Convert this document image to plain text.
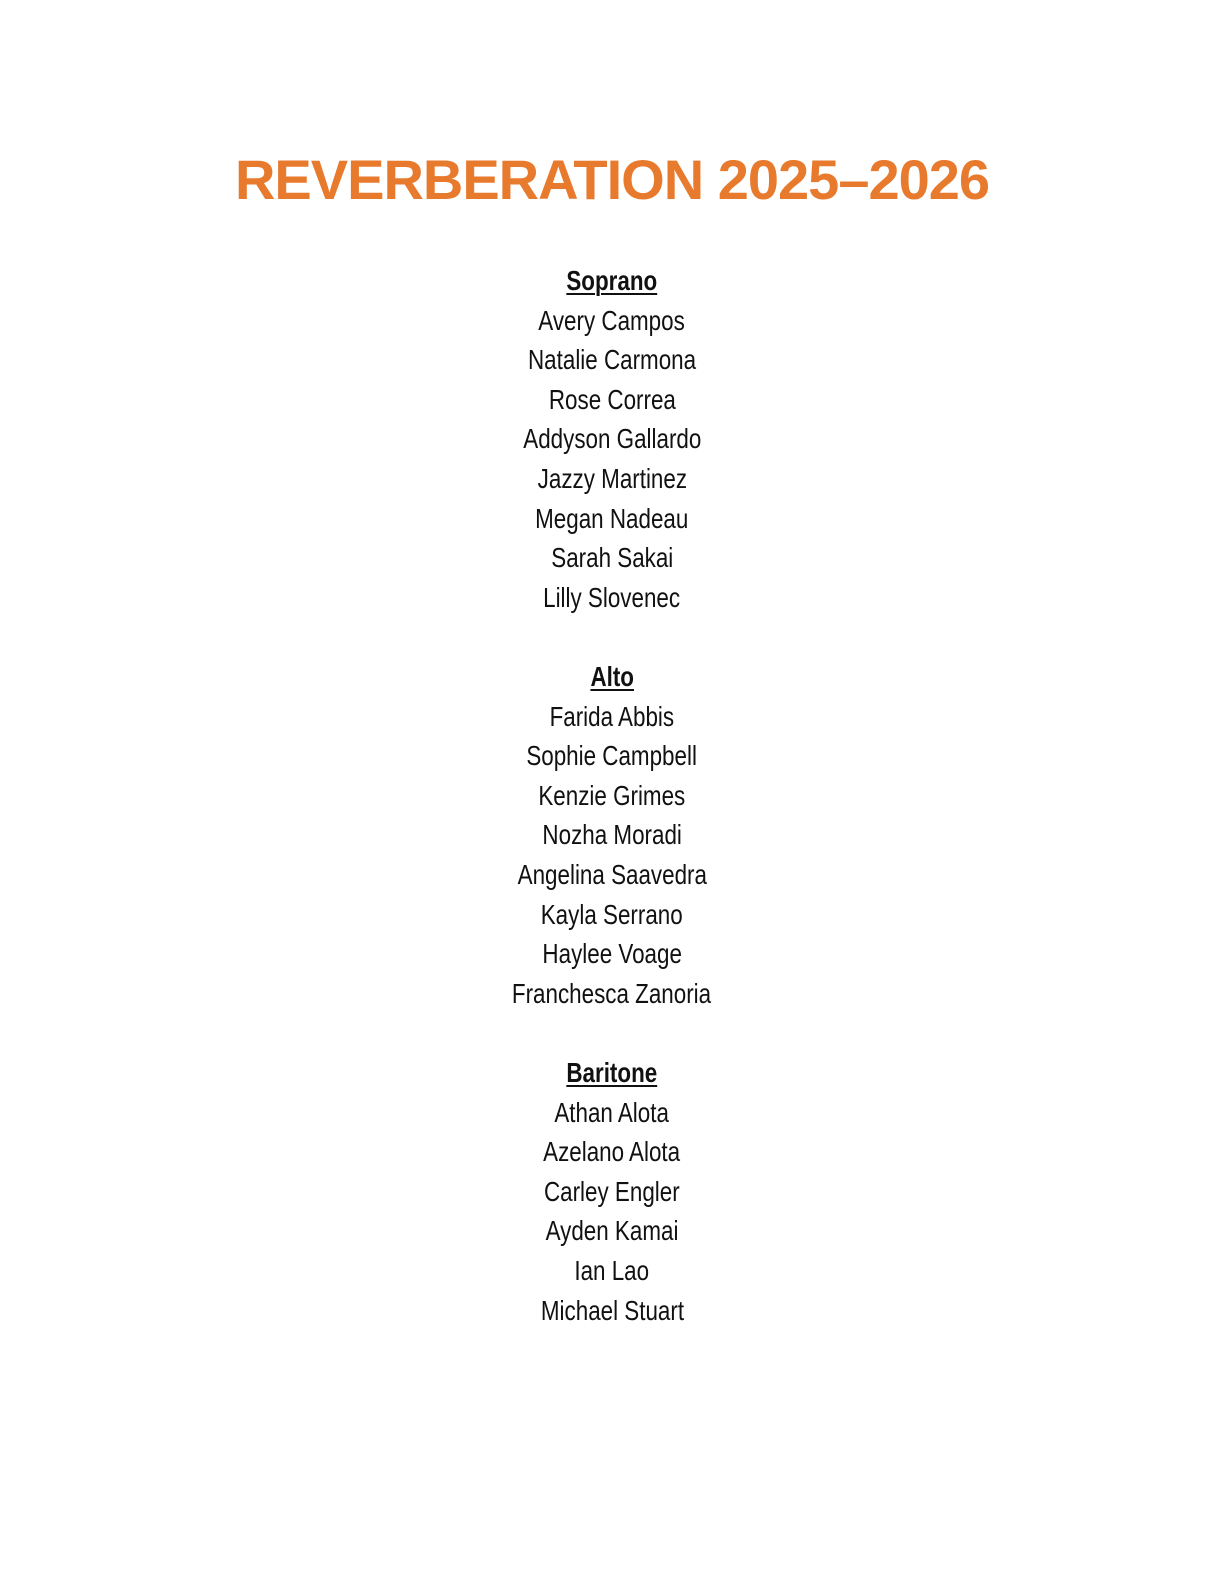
REVERBERATION 2025–2026
Soprano
Avery Campos
Natalie Carmona
Rose Correa
Addyson Gallardo
Jazzy Martinez
Megan Nadeau
Sarah Sakai
Lilly Slovenec
Alto
Farida Abbis
Sophie Campbell
Kenzie Grimes
Nozha Moradi
Angelina Saavedra
Kayla Serrano
Haylee Voage
Franchesca Zanoria
Baritone
Athan Alota
Azelano Alota
Carley Engler
Ayden Kamai
Ian Lao
Michael Stuart
